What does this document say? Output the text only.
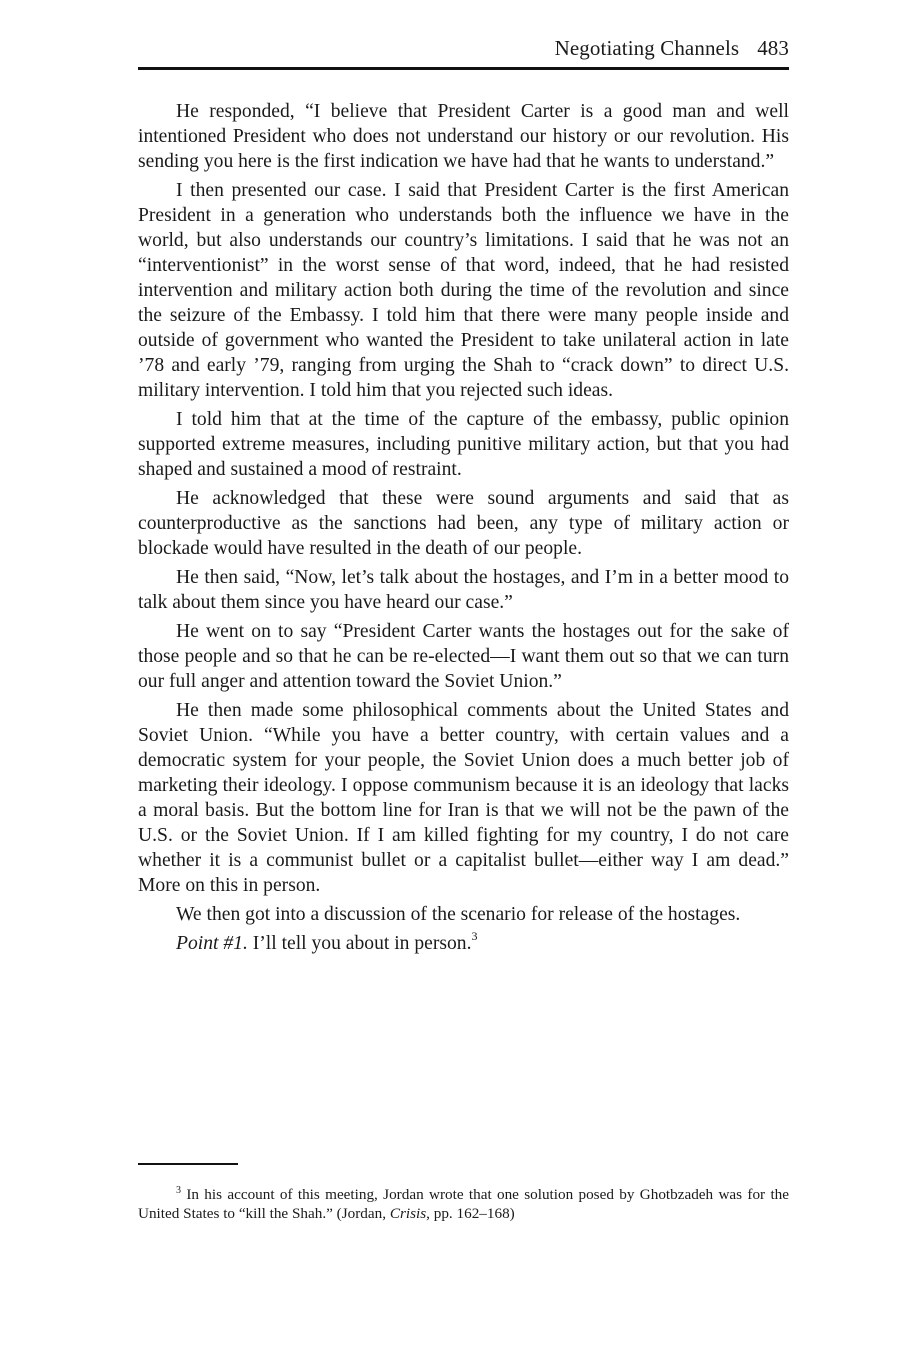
Negotiating Channels 483

He responded, “I believe that President Carter is a good man and well intentioned President who does not understand our history or our revolution. His sending you here is the first indication we have had that he wants to understand.”

I then presented our case. I said that President Carter is the first American President in a generation who understands both the influence we have in the world, but also understands our country’s limitations. I said that he was not an “interventionist” in the worst sense of that word, indeed, that he had resisted intervention and military action both during the time of the revolution and since the seizure of the Embassy. I told him that there were many people inside and outside of government who wanted the President to take unilateral action in late ’78 and early ’79, ranging from urging the Shah to “crack down” to direct U.S. military intervention. I told him that you rejected such ideas.

I told him that at the time of the capture of the embassy, public opinion supported extreme measures, including punitive military action, but that you had shaped and sustained a mood of restraint.

He acknowledged that these were sound arguments and said that as counterproductive as the sanctions had been, any type of military action or blockade would have resulted in the death of our people.

He then said, “Now, let’s talk about the hostages, and I’m in a better mood to talk about them since you have heard our case.”

He went on to say “President Carter wants the hostages out for the sake of those people and so that he can be re-elected—I want them out so that we can turn our full anger and attention toward the Soviet Union.”

He then made some philosophical comments about the United States and Soviet Union. “While you have a better country, with certain values and a democratic system for your people, the Soviet Union does a much better job of marketing their ideology. I oppose communism because it is an ideology that lacks a moral basis. But the bottom line for Iran is that we will not be the pawn of the U.S. or the Soviet Union. If I am killed fighting for my country, I do not care whether it is a communist bullet or a capitalist bullet—either way I am dead.” More on this in person.

We then got into a discussion of the scenario for release of the hostages.

Point #1. I’ll tell you about in person.$^3$

$^3$ In his account of this meeting, Jordan wrote that one solution posed by Ghotbzadeh was for the United States to “kill the Shah.” (Jordan, Crisis, pp. 162–168)
